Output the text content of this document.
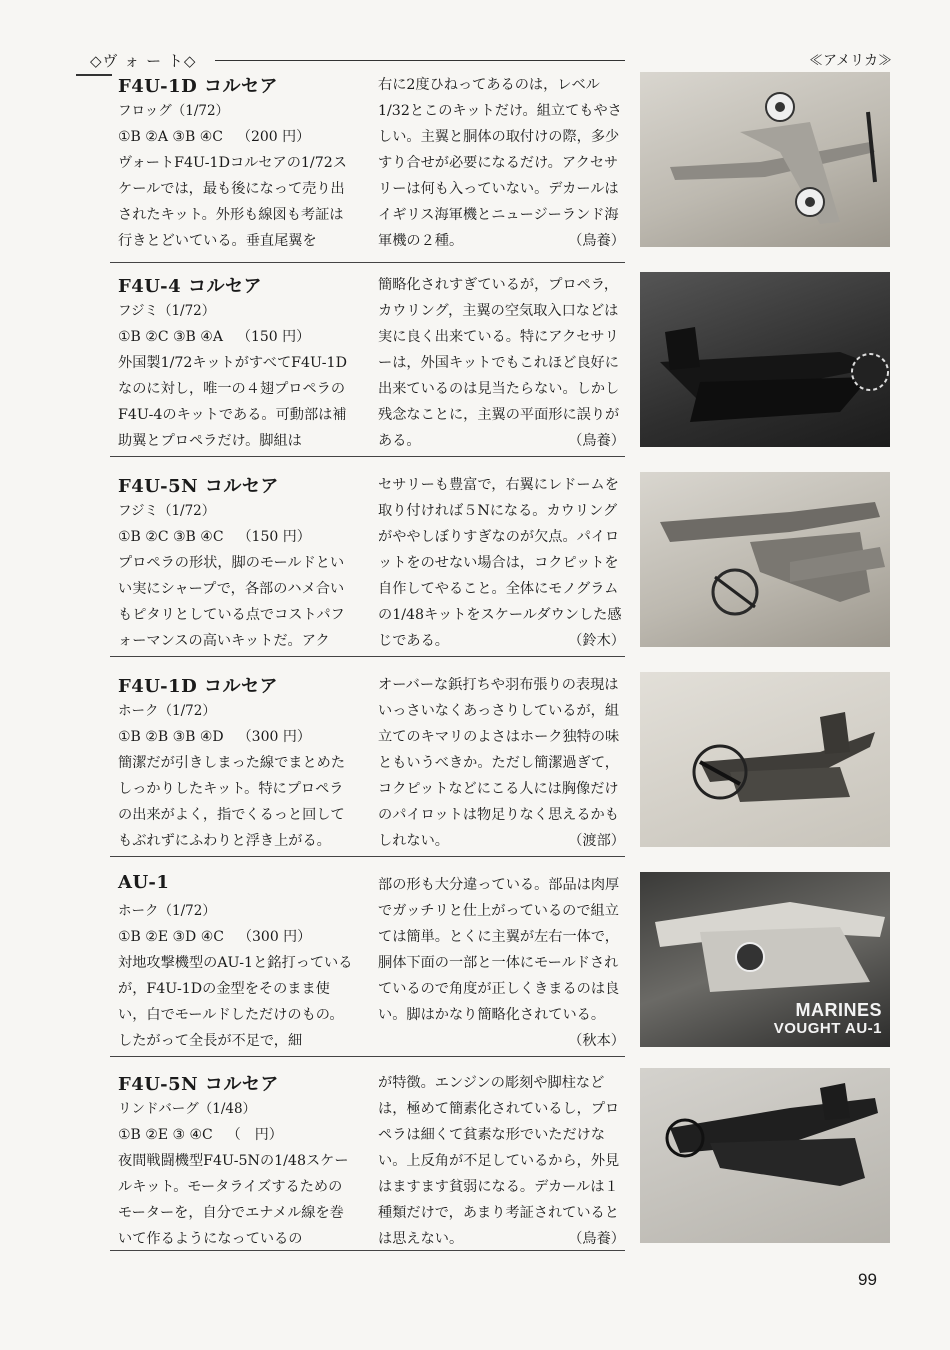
◇ヴ ォ ー ト◇	≪アメリカ≫
F4U-1D コルセア
フロッグ（1/72）
①B ②A ③B ④C （200 円）
ヴォートF4U-1Dコルセアの1/72スケールでは，最も後になって売り出されたキット。外形も線図も考証は行きとどいている。垂直尾翼を
右に2度ひねってあるのは，レベル1/32とこのキットだけ。組立てもやさしい。主翼と胴体の取付けの際，多少すり合せが必要になるだけ。アクセサリーは何も入っていない。デカールはイギリス海軍機とニュージーランド海軍機の２種。	（鳥養）
F4U-4 コルセア
フジミ（1/72）
①B ②C ③B ④A （150 円）
外国製1/72キットがすべてF4U-1Dなのに対し，唯一の４翅プロペラのF4U-4のキットである。可動部は補助翼とプロペラだけ。脚組は
簡略化されすぎているが，プロペラ，カウリング，主翼の空気取入口などは実に良く出来ている。特にアクセサリーは，外国キットでもこれほど良好に出来ているのは見当たらない。しかし残念なことに，主翼の平面形に誤りがある。	（鳥養）
F4U-5N コルセア
フジミ（1/72）
①B ②C ③B ④C （150 円）
プロペラの形状，脚のモールドといい実にシャープで，各部のハメ合いもピタリとしている点でコストパフォーマンスの高いキットだ。アク
セサリーも豊富で，右翼にレドームを取り付ければ５Nになる。カウリングがややしぼりすぎなのが欠点。パイロットをのせない場合は，コクピットを自作してやること。全体にモノグラムの1/48キットをスケールダウンした感じである。	（鈴木）
F4U-1D コルセア
ホーク（1/72）
①B ②B ③B ④D （300 円）
簡潔だが引きしまった線でまとめたしっかりしたキット。特にプロペラの出来がよく，指でくるっと回してもぶれずにふわりと浮き上がる。
オーバーな鋲打ちや羽布張りの表現はいっさいなくあっさりしているが，組立てのキマリのよさはホーク独特の味ともいうべきか。ただし簡潔過ぎて，コクピットなどにこる人には胸像だけのパイロットは物足りなく思えるかもしれない。	（渡部）
AU-1
ホーク（1/72）
①B ②E ③D ④C （300 円）
対地攻撃機型のAU-1と銘打っているが，F4U-1Dの金型をそのまま使い，白でモールドしただけのもの。したがって全長が不足で，細
部の形も大分違っている。部品は肉厚でガッチリと仕上がっているので組立ては簡単。とくに主翼が左右一体で，胴体下面の一部と一体にモールドされているので角度が正しくきまるのは良い。脚はかなり簡略化されている。
（秋本）
MARINES
VOUGHT AU-1
F4U-5N コルセア
リンドバーグ（1/48）
①B ②E ③ ④C （　円）
夜間戦闘機型F4U-5Nの1/48スケールキット。モータライズするためのモーターを，自分でエナメル線を巻いて作るようになっているの
が特徴。エンジンの彫刻や脚柱などは，極めて簡素化されているし，プロペラは細くて貧素な形でいただけない。上反角が不足しているから，外見はますます貧弱になる。デカールは１種類だけで，あまり考証されているとは思えない。	（鳥養）
99
